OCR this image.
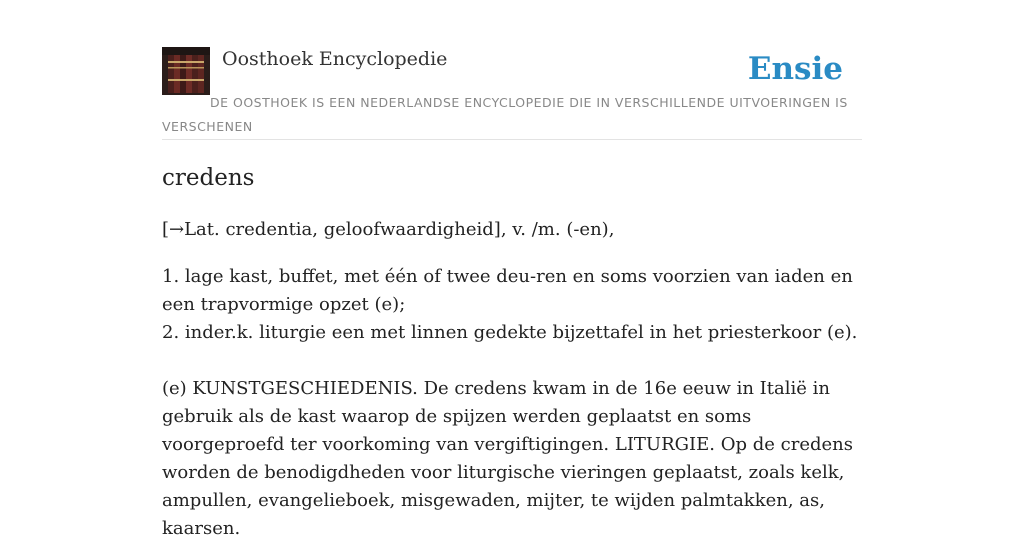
Oosthoek Encyclopedie	Ensie
DE OOSTHOEK IS EEN NEDERLANDSE ENCYCLOPEDIE DIE IN VERSCHILLENDE UITVOERINGEN IS VERSCHENEN
credens

[→Lat. credentia, geloofwaardigheid], v. /m. (-en),

1. lage kast, buffet, met één of twee deu-ren en soms voorzien van iaden en een trapvormige opzet (e);
2. inder.k. liturgie een met linnen gedekte bijzettafel in het priesterkoor (e).
(e) KUNSTGESCHIEDENIS. De credens kwam in de 16e eeuw in Italië in gebruik als de kast waarop de spijzen werden geplaatst en soms voorgeproefd ter voorkoming van vergiftigingen. LITURGIE. Op de credens worden de benodigdheden voor liturgische vieringen geplaatst, zoals kelk, ampullen, evangelieboek, misgewaden, mijter, te wijden palmtakken, as, kaarsen.
